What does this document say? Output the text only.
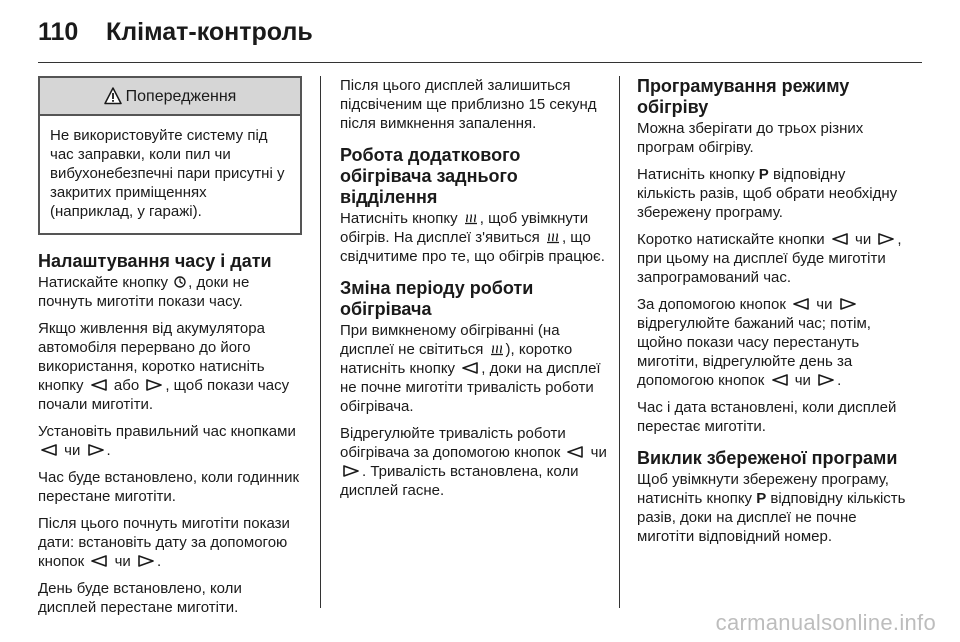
110	Клімат-контроль
Попередження
Не використовуйте систему під час заправки, коли пил чи вибухонебезпечні пари присутні у закритих приміщеннях (наприклад, у гаражі).
Налаштування часу і дати

Натискайте кнопку , доки не почнуть миготіти покази часу.

Якщо живлення від акумулятора автомобіля перервано до його використання, коротко натисніть кнопку або , щоб покази часу почали миготіти.

Установіть правильний час кнопками  чи .

Час буде встановлено, коли годинник перестане миготіти.

Після цього почнуть миготіти покази дати: встановіть дату за допомогою кнопок чи .

День буде встановлено, коли дисплей перестане миготіти.

Після цього дисплей залишиться підсвіченим ще приблизно 15 секунд після вимкнення запалення.

Робота додаткового обігрівача заднього відділення

Натисніть кнопку , щоб увімкнути обігрів. На дисплеї з'явиться , що свідчитиме про те, що обігрів працює.

Зміна періоду роботи обігрівача

При вимкненому обігріванні (на дисплеї не світиться ), коротко натисніть кнопку , доки на дисплеї не почне миготіти тривалість роботи обігрівача.

Відрегулюйте тривалість роботи обігрівача за допомогою кнопок чи . Тривалість встановлена, коли дисплей гасне.

Програмування режиму обігріву

Можна зберігати до трьох різних програм обігріву.

Натисніть кнопку P відповідну кількість разів, щоб обрати необхідну збережену програму.

Коротко натискайте кнопки чи , при цьому на дисплеї буде миготіти запрограмований час.

За допомогою кнопок чи  відрегулюйте бажаний час; потім, щойно покази часу перестануть миготіти, відрегулюйте день за допомогою кнопок чи .

Час і дата встановлені, коли дисплей перестає миготіти.

Виклик збереженої програми

Щоб увімкнути збережену програму, натисніть кнопку P відповідну кількість разів, доки на дисплеї не почне миготіти відповідний номер.

carmanualsonline.info
